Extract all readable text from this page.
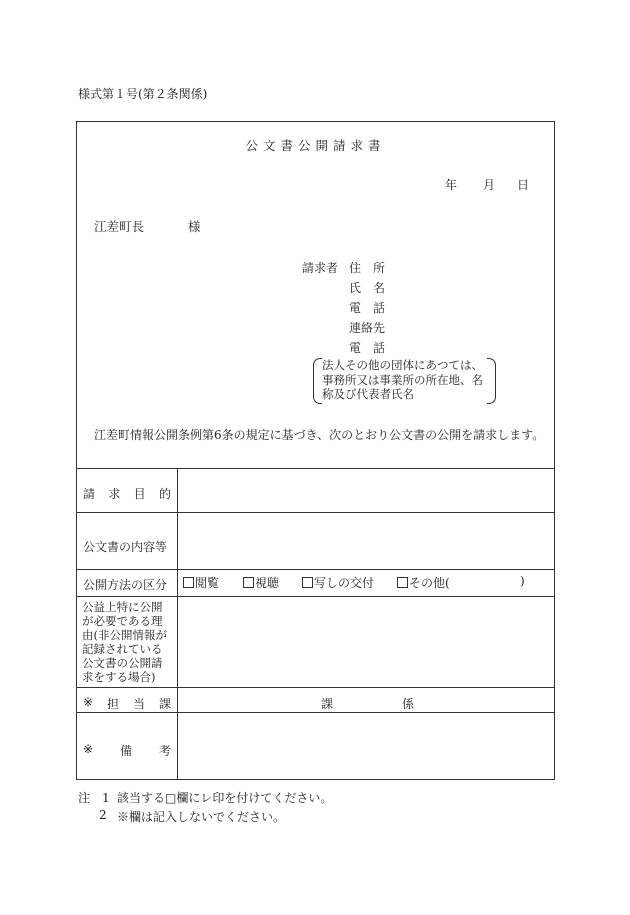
様式第１号(第２条関係)
公文書公開請求書
年 月 日
江差町長	様
請求者 住　所
氏　名
電　話
連絡先
電　話
法人その他の団体にあつては、
事務所又は事業所の所在地、名
称及び代表者氏名
江差町情報公開条例第6条の規定に基づき、次のとおり公文書の公開を請求します。
請 求 目 的
公文書の内容等
公開方法の区分	閲覧	視聴	写しの交付	その他(	)
公益上特に公開が必要である理由(非公開情報が記録されている公文書の公開請求をする場合)
※ 担 当 課	課	係
※ 備 考
注　1 該当する□欄にレ印を付けてください。
2 ※欄は記入しないでください。
